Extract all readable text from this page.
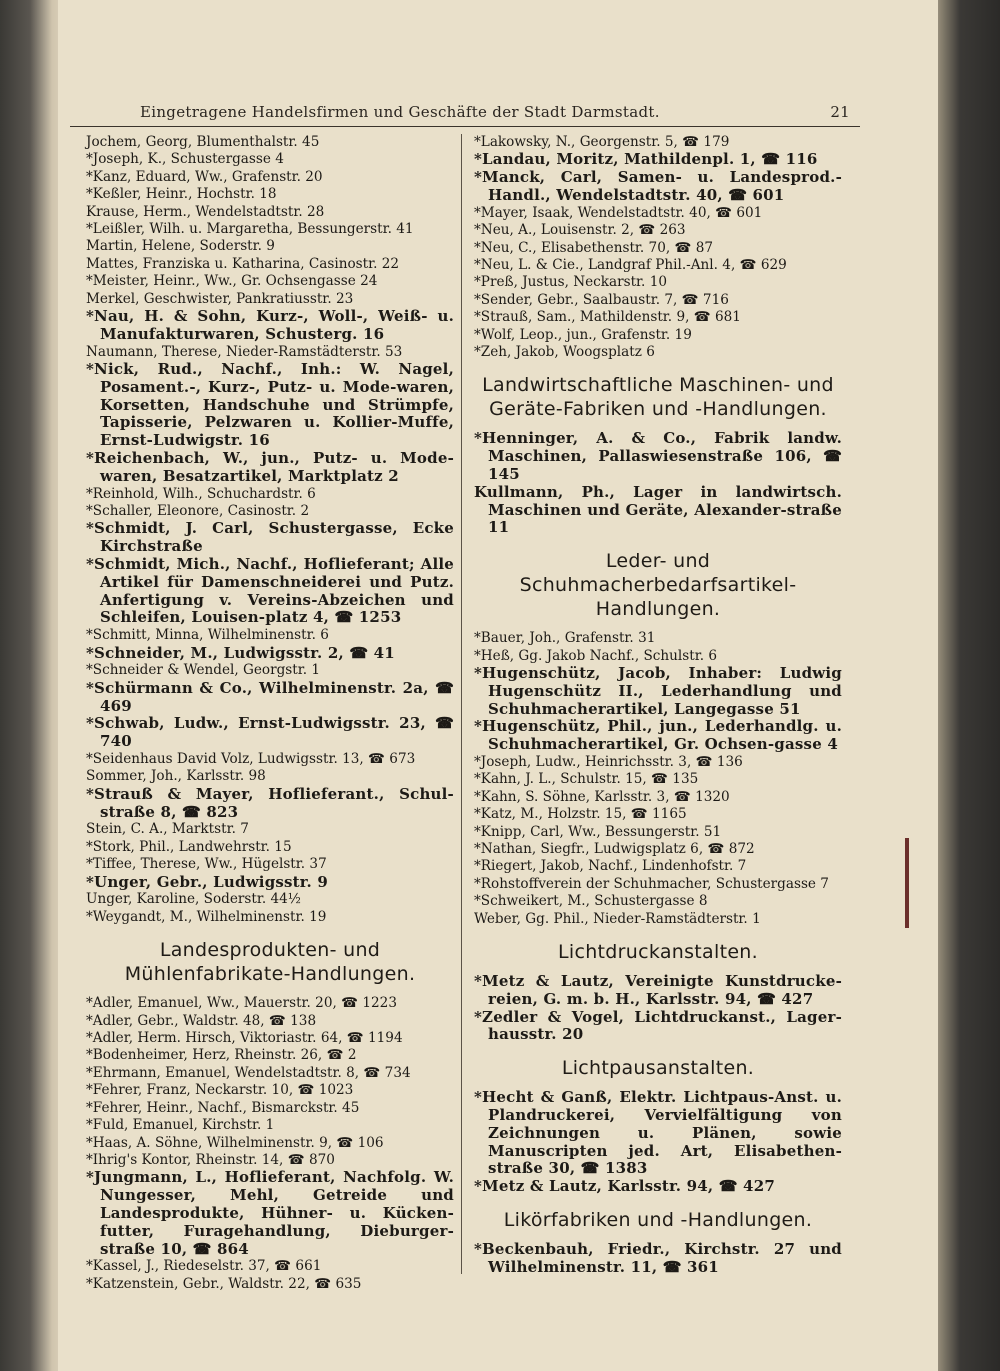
Eingetragene Handelsfirmen und Geschäfte der Stadt Darmstadt.	21

Jochem, Georg, Blumenthalstr. 45

*Joseph, K., Schustergasse 4

*Kanz, Eduard, Ww., Grafenstr. 20

*Keßler, Heinr., Hochstr. 18

Krause, Herm., Wendelstadtstr. 28

*Leißler, Wilh. u. Margaretha, Bessungerstr. 41

Martin, Helene, Soderstr. 9

Mattes, Franziska u. Katharina, Casinostr. 22

*Meister, Heinr., Ww., Gr. Ochsengasse 24

Merkel, Geschwister, Pankratiusstr. 23

*Nau, H. & Sohn, Kurz-, Woll-, Weiß- u. Manufakturwaren, Schusterg. 16

Naumann, Therese, Nieder-Ramstädterstr. 53

*Nick, Rud., Nachf., Inh.: W. Nagel, Posament.-, Kurz-, Putz- u. Mode-waren, Korsetten, Handschuhe und Strümpfe, Tapisserie, Pelzwaren u. Kollier-Muffe, Ernst-Ludwigstr. 16

*Reichenbach, W., jun., Putz- u. Mode-waren, Besatzartikel, Marktplatz 2

*Reinhold, Wilh., Schuchardstr. 6

*Schaller, Eleonore, Casinostr. 2

*Schmidt, J. Carl, Schustergasse, Ecke Kirchstraße

*Schmidt, Mich., Nachf., Hoflieferant; Alle Artikel für Damenschneiderei und Putz. Anfertigung v. Vereins-Abzeichen und Schleifen, Louisen-platz 4, ☎ 1253

*Schmitt, Minna, Wilhelminenstr. 6

*Schneider, M., Ludwigsstr. 2, ☎ 41

*Schneider & Wendel, Georgstr. 1

*Schürmann & Co., Wilhelminenstr. 2a, ☎ 469

*Schwab, Ludw., Ernst-Ludwigsstr. 23, ☎ 740

*Seidenhaus David Volz, Ludwigsstr. 13, ☎ 673

Sommer, Joh., Karlsstr. 98

*Strauß & Mayer, Hoflieferant., Schul-straße 8, ☎ 823

Stein, C. A., Marktstr. 7

*Stork, Phil., Landwehrstr. 15

*Tiffee, Therese, Ww., Hügelstr. 37

*Unger, Gebr., Ludwigsstr. 9

Unger, Karoline, Soderstr. 44½

*Weygandt, M., Wilhelminenstr. 19

Landesprodukten- und Mühlenfabrikate-Handlungen.

*Adler, Emanuel, Ww., Mauerstr. 20, ☎ 1223

*Adler, Gebr., Waldstr. 48, ☎ 138

*Adler, Herm. Hirsch, Viktoriastr. 64, ☎ 1194

*Bodenheimer, Herz, Rheinstr. 26, ☎ 2

*Ehrmann, Emanuel, Wendelstadtstr. 8, ☎ 734

*Fehrer, Franz, Neckarstr. 10, ☎ 1023

*Fehrer, Heinr., Nachf., Bismarckstr. 45

*Fuld, Emanuel, Kirchstr. 1

*Haas, A. Söhne, Wilhelminenstr. 9, ☎ 106

*Ihrig's Kontor, Rheinstr. 14, ☎ 870

*Jungmann, L., Hoflieferant, Nachfolg. W. Nungesser, Mehl, Getreide und Landesprodukte, Hühner- u. Kücken-futter, Furagehandlung, Dieburger-straße 10, ☎ 864

*Kassel, J., Riedeselstr. 37, ☎ 661

*Katzenstein, Gebr., Waldstr. 22, ☎ 635

*Lakowsky, N., Georgenstr. 5, ☎ 179

*Landau, Moritz, Mathildenpl. 1, ☎ 116

*Manck, Carl, Samen- u. Landesprod.-Handl., Wendelstadtstr. 40, ☎ 601

*Mayer, Isaak, Wendelstadtstr. 40, ☎ 601

*Neu, A., Louisenstr. 2, ☎ 263

*Neu, C., Elisabethenstr. 70, ☎ 87

*Neu, L. & Cie., Landgraf Phil.-Anl. 4, ☎ 629

*Preß, Justus, Neckarstr. 10

*Sender, Gebr., Saalbaustr. 7, ☎ 716

*Strauß, Sam., Mathildenstr. 9, ☎ 681

*Wolf, Leop., jun., Grafenstr. 19

*Zeh, Jakob, Woogsplatz 6

Landwirtschaftliche Maschinen- und Geräte-Fabriken und -Handlungen.

*Henninger, A. & Co., Fabrik landw. Maschinen, Pallaswiesenstraße 106, ☎ 145

Kullmann, Ph., Lager in landwirtsch. Maschinen und Geräte, Alexander-straße 11

Leder- und Schuhmacherbedarfsartikel-Handlungen.

*Bauer, Joh., Grafenstr. 31

*Heß, Gg. Jakob Nachf., Schulstr. 6

*Hugenschütz, Jacob, Inhaber: Ludwig Hugenschütz II., Lederhandlung und Schuhmacherartikel, Langegasse 51

*Hugenschütz, Phil., jun., Lederhandlg. u. Schuhmacherartikel, Gr. Ochsen-gasse 4

*Joseph, Ludw., Heinrichsstr. 3, ☎ 136

*Kahn, J. L., Schulstr. 15, ☎ 135

*Kahn, S. Söhne, Karlsstr. 3, ☎ 1320

*Katz, M., Holzstr. 15, ☎ 1165

*Knipp, Carl, Ww., Bessungerstr. 51

*Nathan, Siegfr., Ludwigsplatz 6, ☎ 872

*Riegert, Jakob, Nachf., Lindenhofstr. 7

*Rohstoffverein der Schuhmacher, Schustergasse 7

*Schweikert, M., Schustergasse 8

Weber, Gg. Phil., Nieder-Ramstädterstr. 1

Lichtdruckanstalten.

*Metz & Lautz, Vereinigte Kunstdrucke-reien, G. m. b. H., Karlsstr. 94, ☎ 427

*Zedler & Vogel, Lichtdruckanst., Lager-hausstr. 20

Lichtpausanstalten.

*Hecht & Ganß, Elektr. Lichtpaus-Anst. u. Plandruckerei, Vervielfältigung von Zeichnungen u. Plänen, sowie Manuscripten jed. Art, Elisabethen-straße 30, ☎ 1383

*Metz & Lautz, Karlsstr. 94, ☎ 427

Likörfabriken und -Handlungen.

*Beckenbauh, Friedr., Kirchstr. 27 und Wilhelminenstr. 11, ☎ 361
